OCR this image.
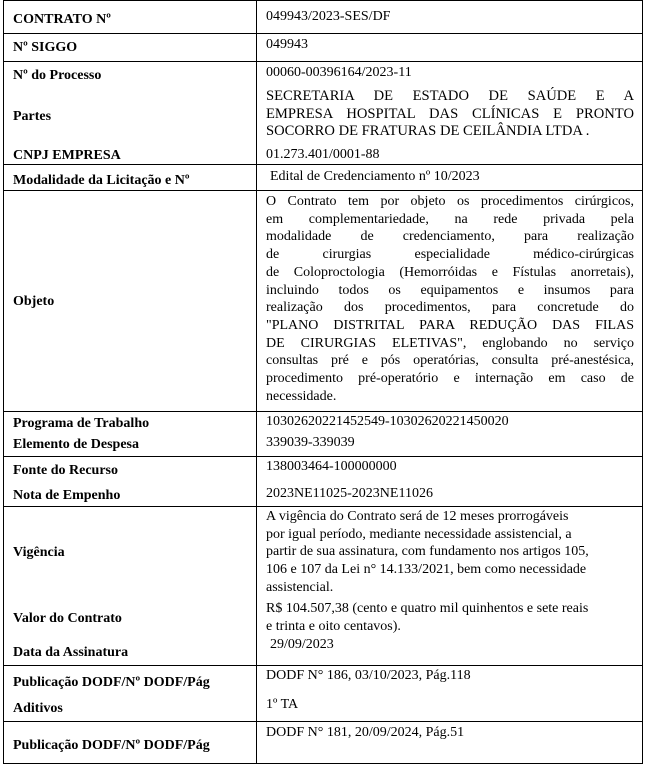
CONTRATO Nº
Nº SIGGO
Nº do Processo
Partes
CNPJ EMPRESA
Modalidade da Licitação e Nº
Objeto
Programa de Trabalho
Elemento de Despesa
Fonte do Recurso
Nota de Empenho
Vigência
Valor do Contrato
Data da Assinatura
Publicação DODF/Nº DODF/Pág
Aditivos
Publicação DODF/Nº DODF/Pág
049943/2023-SES/DF
049943
00060-00396164/2023-11
SECRETARIA DE ESTADO DE SAÚDE E A
EMPRESA HOSPITAL DAS CLÍNICAS E PRONTO
SOCORRO DE FRATURAS DE CEILÂNDIA LTDA .
01.273.401/0001-88
Edital de Credenciamento nº 10/2023
O Contrato tem por objeto os procedimentos cirúrgicos,
em complementariedade, na rede privada pela
modalidade de credenciamento, para realização
de cirurgias especialidade médico-cirúrgicas
de Coloproctologia (Hemorróidas e Fístulas anorretais),
incluindo todos os equipamentos e insumos para
realização dos procedimentos, para concretude do
"PLANO DISTRITAL PARA REDUÇÃO DAS FILAS
DE CIRURGIAS ELETIVAS", englobando no serviço
consultas pré e pós operatórias, consulta pré-anestésica,
procedimento pré-operatório e internação em caso de
necessidade.
10302620221452549-10302620221450020
339039-339039
138003464-100000000
2023NE11025-2023NE11026
A vigência do Contrato será de 12 meses prorrogáveis
por igual período, mediante necessidade assistencial, a
partir de sua assinatura, com fundamento nos artigos 105,
106 e 107 da Lei n° 14.133/2021, bem como necessidade
assistencial.
R$ 104.507,38 (cento e quatro mil quinhentos e sete reais
e trinta e oito centavos).
29/09/2023
DODF N° 186, 03/10/2023, Pág.118
1º TA
DODF N° 181, 20/09/2024, Pág.51
